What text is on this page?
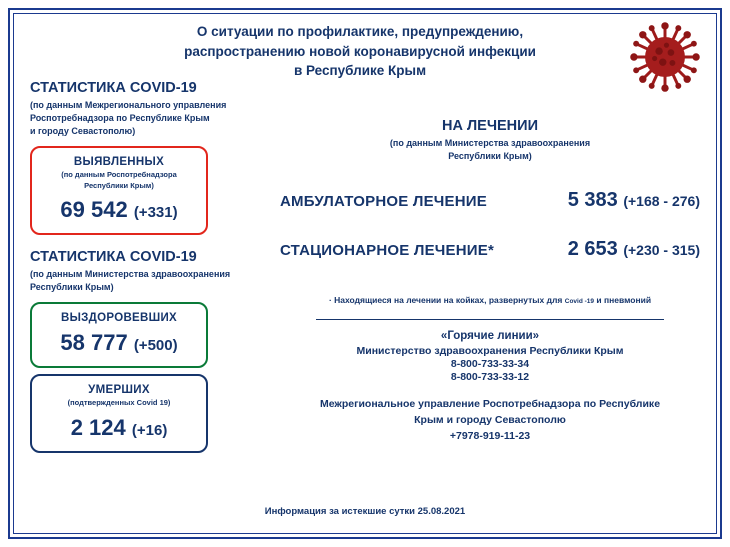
О ситуации по профилактике, предупреждению,
распространению новой коронавирусной инфекции
в Республике Крым
СТАТИСТИКА COVID-19
(по данным Межрегионального управления
Роспотребнадзора по Республике Крым
и городу Севастополю)
ВЫЯВЛЕННЫХ
(по данным Роспотребнадзора
Республики Крым)
69 542 (+331)
СТАТИСТИКА COVID-19
(по данным Министерства здравоохранения
Республики Крым)
ВЫЗДОРОВЕВШИХ
58 777 (+500)
УМЕРШИХ
(подтвержденных Covid 19)
2 124 (+16)
НА ЛЕЧЕНИИ
(по данным Министерства здравоохранения
Республики Крым)
АМБУЛАТОРНОЕ ЛЕЧЕНИЕ	5 383 (+168 - 276)
СТАЦИОНАРНОЕ ЛЕЧЕНИЕ*	2 653 (+230 - 315)
· Находящиеся на лечении на койках, развернутых для Covid -19 и пневмоний
«Горячие линии»
Министерство здравоохранения Республики Крым
8-800-733-33-34
8-800-733-33-12
Межрегиональное управление Роспотребнадзора по Республике
Крым и городу Севастополю
+7978-919-11-23
Информация за истекшие сутки 25.08.2021
